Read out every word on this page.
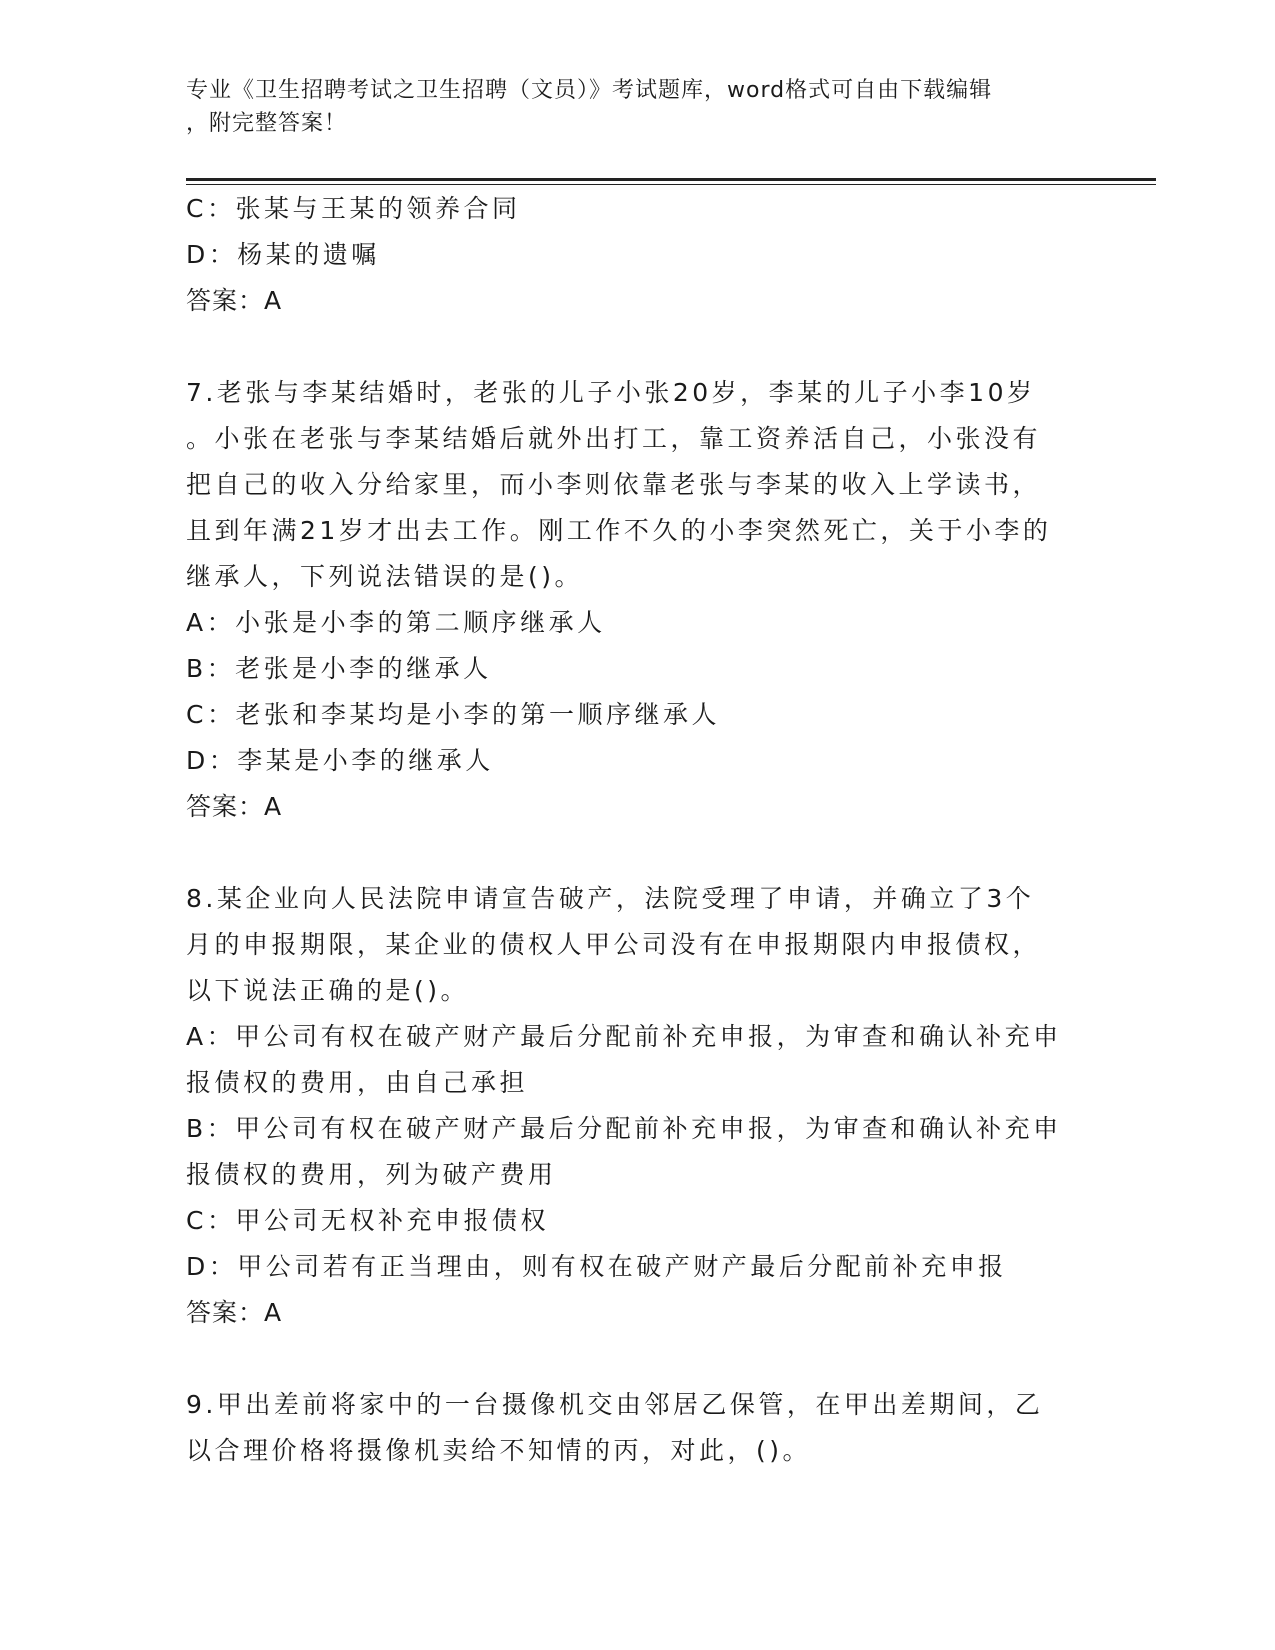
专业《卫生招聘考试之卫生招聘（文员）》考试题库，word格式可自由下载编辑
，附完整答案！
C：张某与王某的领养合同
D：杨某的遗嘱
答案：A
7.老张与李某结婚时，老张的儿子小张20岁，李某的儿子小李10岁
。小张在老张与李某结婚后就外出打工，靠工资养活自己，小张没有
把自己的收入分给家里，而小李则依靠老张与李某的收入上学读书，
且到年满21岁才出去工作。刚工作不久的小李突然死亡，关于小李的
继承人，下列说法错误的是()。
A：小张是小李的第二顺序继承人
B：老张是小李的继承人
C：老张和李某均是小李的第一顺序继承人
D：李某是小李的继承人
答案：A
8.某企业向人民法院申请宣告破产，法院受理了申请，并确立了3个
月的申报期限，某企业的债权人甲公司没有在申报期限内申报债权，
以下说法正确的是()。
A：甲公司有权在破产财产最后分配前补充申报，为审查和确认补充申
报债权的费用，由自己承担
B：甲公司有权在破产财产最后分配前补充申报，为审查和确认补充申
报债权的费用，列为破产费用
C：甲公司无权补充申报债权
D：甲公司若有正当理由，则有权在破产财产最后分配前补充申报
答案：A
9.甲出差前将家中的一台摄像机交由邻居乙保管，在甲出差期间，乙
以合理价格将摄像机卖给不知情的丙，对此，()。
